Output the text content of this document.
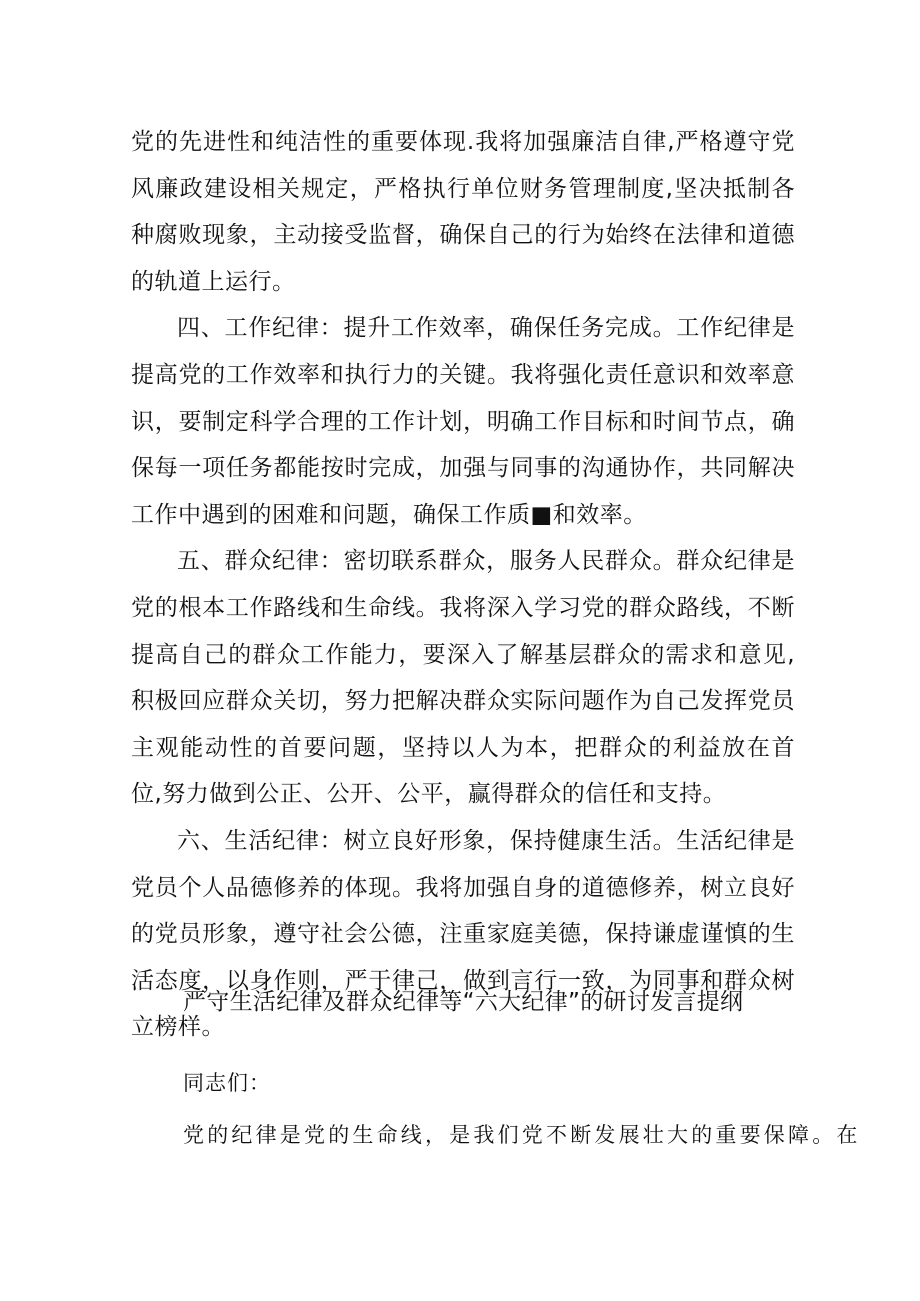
党的先进性和纯洁性的重要体现.我将加强廉洁自律,严格遵守党风廉政建设相关规定，严格执行单位财务管理制度,坚决抵制各种腐败现象，主动接受监督，确保自己的行为始终在法律和道德的轨道上运行。

四、工作纪律：提升工作效率，确保任务完成。工作纪律是提高党的工作效率和执行力的关键。我将强化责任意识和效率意识，要制定科学合理的工作计划，明确工作目标和时间节点，确保每一项任务都能按时完成，加强与同事的沟通协作，共同解决工作中遇到的困难和问题，确保工作质■和效率。

五、群众纪律：密切联系群众，服务人民群众。群众纪律是党的根本工作路线和生命线。我将深入学习党的群众路线，不断提高自己的群众工作能力，要深入了解基层群众的需求和意见,积极回应群众关切，努力把解决群众实际问题作为自己发挥党员主观能动性的首要问题，坚持以人为本，把群众的利益放在首位,努力做到公正、公开、公平，赢得群众的信任和支持。

六、生活纪律：树立良好形象，保持健康生活。生活纪律是党员个人品德修养的体现。我将加强自身的道德修养，树立良好的党员形象，遵守社会公德，注重家庭美德，保持谦虚谨慎的生活态度，以身作则，严于律己，做到言行一致，为同事和群众树立榜样。

严守生活纪律及群众纪律等“六大纪律”的研讨发言提纲

同志们：

党的纪律是党的生命线，是我们党不断发展壮大的重要保障。在
